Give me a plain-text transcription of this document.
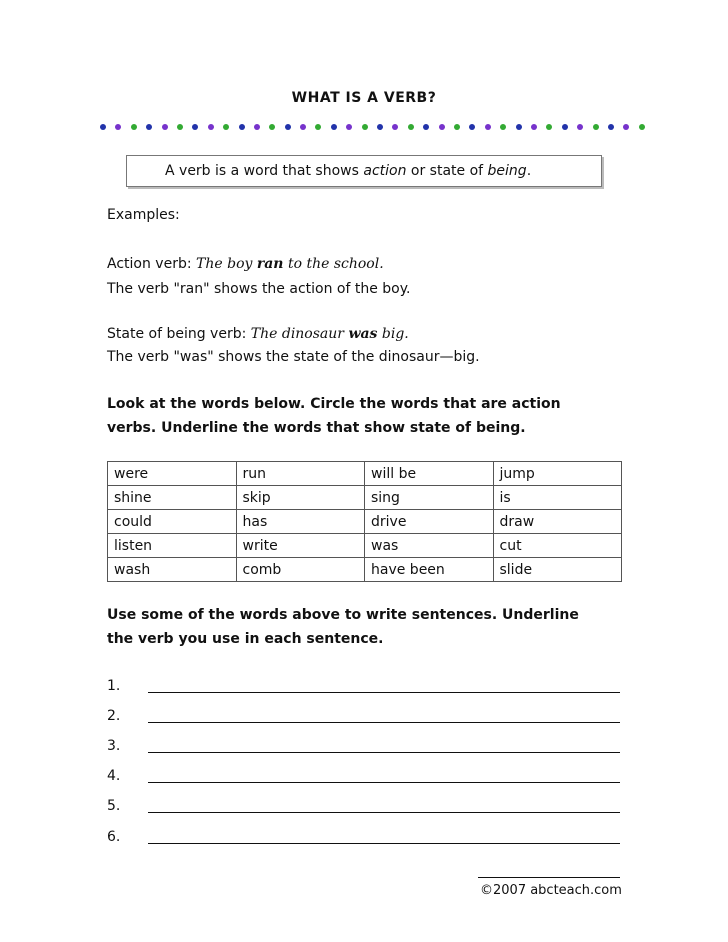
WHAT IS A VERB?
A verb is a word that shows action or state of being.
Examples:
Action verb: The boy ran to the school.
The verb "ran" shows the action of the boy.
State of being verb: The dinosaur was big.
The verb "was" shows the state of the dinosaur—big.
Look at the words below. Circle the words that are action
verbs. Underline the words that show state of being.
were	run	will be	jump
shine	skip	sing	is
could	has	drive	draw
listen	write	was	cut
wash	comb	have been	slide
Use some of the words above to write sentences. Underline
the verb you use in each sentence.
1.
2.
3.
4.
5.
6.
©2007 abcteach.com
